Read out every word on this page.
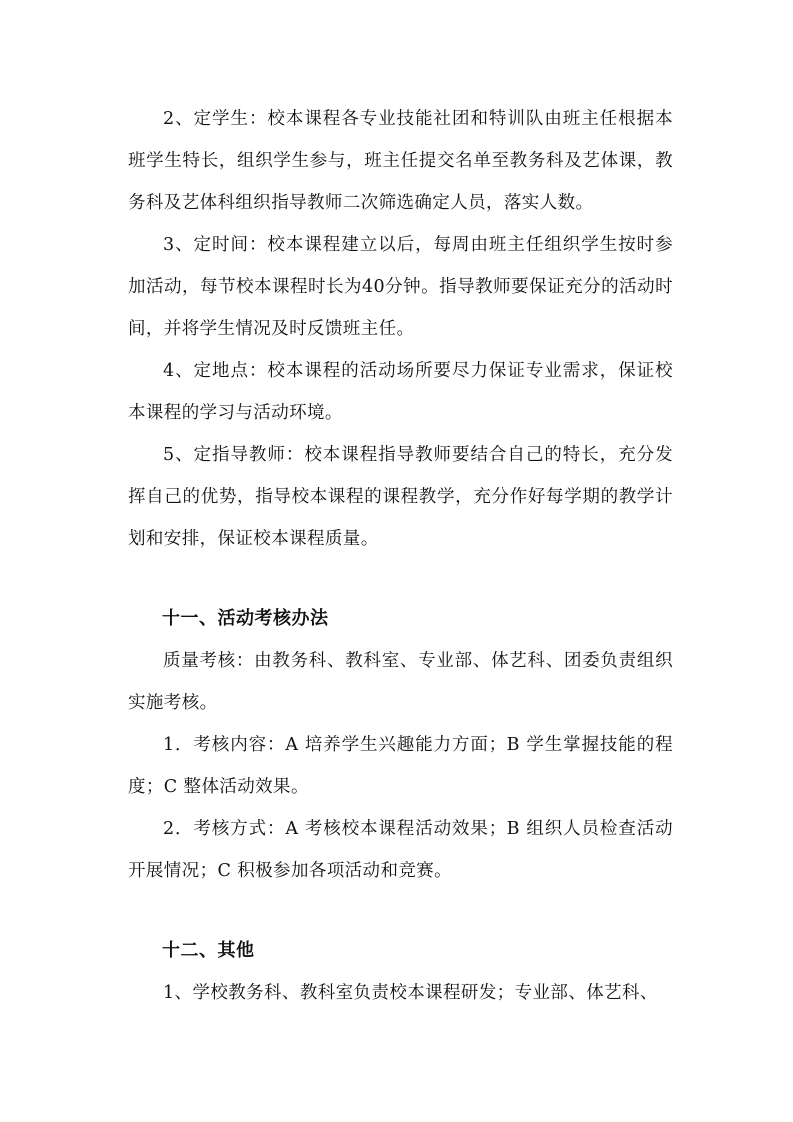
2、定学生：校本课程各专业技能社团和特训队由班主任根据本班学生特长，组织学生参与，班主任提交名单至教务科及艺体课，教务科及艺体科组织指导教师二次筛选确定人员，落实人数。

3、定时间：校本课程建立以后，每周由班主任组织学生按时参加活动，每节校本课程时长为40分钟。指导教师要保证充分的活动时间，并将学生情况及时反馈班主任。

4、定地点：校本课程的活动场所要尽力保证专业需求，保证校本课程的学习与活动环境。

5、定指导教师：校本课程指导教师要结合自己的特长，充分发挥自己的优势，指导校本课程的课程教学，充分作好每学期的教学计划和安排，保证校本课程质量。

十一、活动考核办法

质量考核：由教务科、教科室、专业部、体艺科、团委负责组织实施考核。

1．考核内容：A 培养学生兴趣能力方面；B 学生掌握技能的程度；C 整体活动效果。

2．考核方式：A 考核校本课程活动效果；B 组织人员检查活动开展情况；C 积极参加各项活动和竞赛。

十二、其他

1、学校教务科、教科室负责校本课程研发；专业部、体艺科、
